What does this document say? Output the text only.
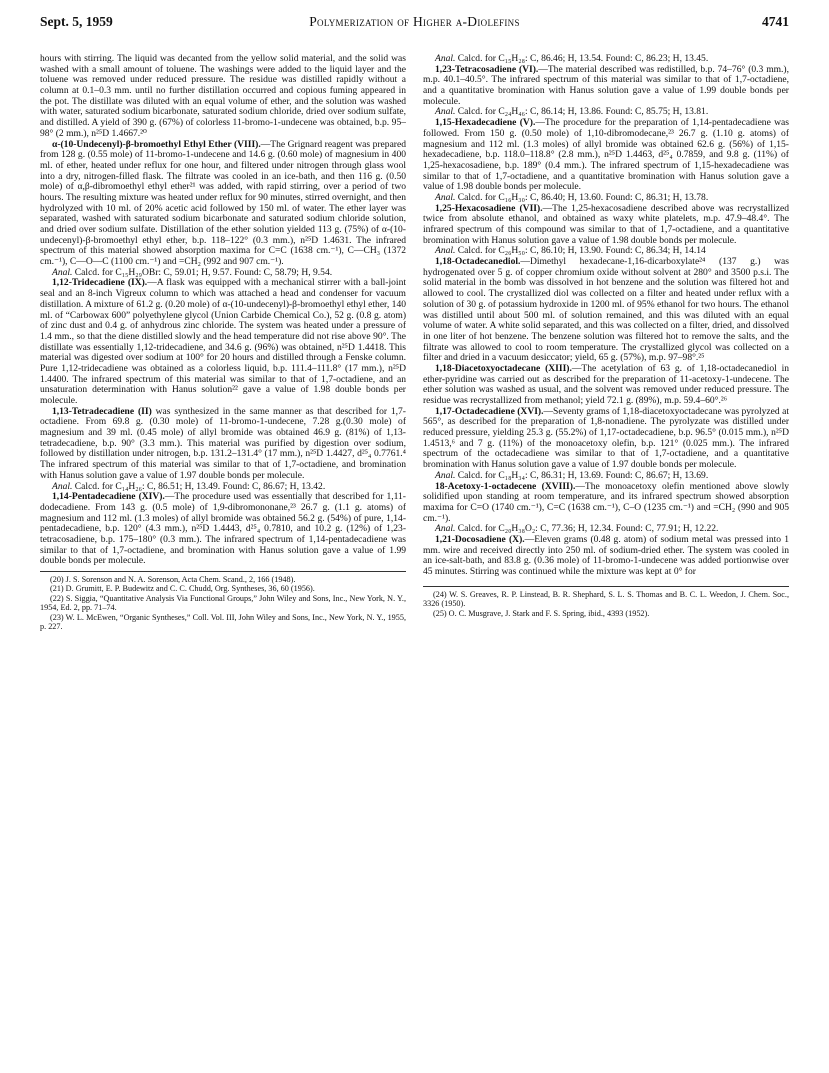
Sept. 5, 1959	Polymerization of Higher α-Diolefins	4741

hours with stirring. The liquid was decanted from the yellow solid material, and the solid was washed with a small amount of toluene. The washings were added to the liquid layer and the toluene was removed under reduced pressure. The residue was distilled rapidly without a column at 0.1–0.3 mm. until no further distillation occurred and copious fuming appeared in the pot. The distillate was diluted with an equal volume of ether, and the solution was washed with water, saturated sodium bicarbonate, saturated sodium chloride, dried over sodium sulfate, and distilled. A yield of 390 g. (67%) of colorless 11-bromo-1-undecene was obtained, b.p. 95–98° (2 mm.), n²⁵D 1.4667.²⁰

α-(10-Undecenyl)-β-bromoethyl Ethyl Ether (VIII).—The Grignard reagent was prepared from 128 g. (0.55 mole) of 11-bromo-1-undecene and 14.6 g. (0.60 mole) of magnesium in 400 ml. of ether, heated under reflux for one hour, and filtered under nitrogen through glass wool into a dry, nitrogen-filled flask. The filtrate was cooled in an ice-bath, and then 116 g. (0.50 mole) of α,β-dibromoethyl ethyl ether²¹ was added, with rapid stirring, over a period of two hours. The resulting mixture was heated under reflux for 90 minutes, stirred overnight, and then hydrolyzed with 10 ml. of 20% acetic acid followed by 150 ml. of water. The ether layer was separated, washed with saturated sodium bicarbonate and saturated sodium chloride solution, and dried over sodium sulfate. Distillation of the ether solution yielded 113 g. (75%) of α-(10-undecenyl)-β-bromoethyl ethyl ether, b.p. 118–122° (0.3 mm.), n²⁵D 1.4631. The infrared spectrum of this material showed absorption maxima for C=C (1638 cm.⁻¹), C—CH₃ (1372 cm.⁻¹), C—O—C (1100 cm.⁻¹) and =CH₂ (992 and 907 cm.⁻¹).

Anal. Calcd. for C₁₅H₂₉OBr: C, 59.01; H, 9.57. Found: C, 58.79; H, 9.54.

1,12-Tridecadiene (IX).—A flask was equipped with a mechanical stirrer with a ball-joint seal and an 8-inch Vigreux column to which was attached a head and condenser for vacuum distillation. A mixture of 61.2 g. (0.20 mole) of α-(10-undecenyl)-β-bromoethyl ethyl ether, 140 ml. of “Carbowax 600” polyethylene glycol (Union Carbide Chemical Co.), 52 g. (0.8 g. atom) of zinc dust and 0.4 g. of anhydrous zinc chloride. The system was heated under a pressure of 1.4 mm., so that the diene distilled slowly and the head temperature did not rise above 90°. The distillate was essentially 1,12-tridecadiene, and 34.6 g. (96%) was obtained, n²⁵D 1.4418. This material was digested over sodium at 100° for 20 hours and distilled through a Fenske column. Pure 1,12-tridecadiene was obtained as a colorless liquid, b.p. 111.4–111.8° (17 mm.), n²⁵D 1.4400. The infrared spectrum of this material was similar to that of 1,7-octadiene, and an unsaturation determination with Hanus solution²² gave a value of 1.98 double bonds per molecule.

1,13-Tetradecadiene (II) was synthesized in the same manner as that described for 1,7-octadiene. From 69.8 g. (0.30 mole) of 11-bromo-1-undecene, 7.28 g.(0.30 mole) of magnesium and 39 ml. (0.45 mole) of allyl bromide was obtained 46.9 g. (81%) of 1,13-tetradecadiene, b.p. 90° (3.3 mm.). This material was purified by digestion over sodium, followed by distillation under nitrogen, b.p. 131.2–131.4° (17 mm.), n²⁵D 1.4427, d²⁵₄ 0.7761.⁴ The infrared spectrum of this material was similar to that of 1,7-octadiene, and bromination with Hanus solution gave a value of 1.97 double bonds per molecule.

Anal. Calcd. for C₁₄H₂₆: C, 86.51; H, 13.49. Found: C, 86.67; H, 13.42.

1,14-Pentadecadiene (XIV).—The procedure used was essentially that described for 1,11-dodecadiene. From 143 g. (0.5 mole) of 1,9-dibromononane,²³ 26.7 g. (1.1 g. atoms) of magnesium and 112 ml. (1.3 moles) of allyl bromide was obtained 56.2 g. (54%) of pure, 1,14-pentadecadiene, b.p. 120° (4.3 mm.), n²⁵D 1.4443, d²⁵₄ 0.7810, and 10.2 g. (12%) of 1,23-tetracosadiene, b.p. 175–180° (0.3 mm.). The infrared spectrum of 1,14-pentadecadiene was similar to that of 1,7-octadiene, and bromination with Hanus solution gave a value of 1.99 double bonds per molecule.

(20) J. S. Sorenson and N. A. Sorenson, Acta Chem. Scand., 2, 166 (1948).
(21) D. Grumitt, E. P. Budewitz and C. C. Chudd, Org. Syntheses, 36, 60 (1956).
(22) S. Siggia, “Quantitative Analysis Via Functional Groups,” John Wiley and Sons, Inc., New York, N. Y., 1954, Ed. 2, pp. 71–74.
(23) W. L. McEwen, “Organic Syntheses,” Coll. Vol. III, John Wiley and Sons, Inc., New York, N. Y., 1955, p. 227.

Anal. Calcd. for C₁₅H₂₈: C, 86.46; H, 13.54. Found: C, 86.23; H, 13.45.

1,23-Tetracosadiene (VI).—The material described was redistilled, b.p. 74–76° (0.3 mm.), m.p. 40.1–40.5°. The infrared spectrum of this material was similar to that of 1,7-octadiene, and a quantitative bromination with Hanus solution gave a value of 1.99 double bonds per molecule.

Anal. Calcd. for C₂₄H₄₆: C, 86.14; H, 13.86. Found: C, 85.75; H, 13.81.

1,15-Hexadecadiene (V).—The procedure for the preparation of 1,14-pentadecadiene was followed. From 150 g. (0.50 mole) of 1,10-dibromodecane,²³ 26.7 g. (1.10 g. atoms) of magnesium and 112 ml. (1.3 moles) of allyl bromide was obtained 62.6 g. (56%) of 1,15-hexadecadiene, b.p. 118.0–118.8° (2.8 mm.), n²⁵D 1.4463, d²⁵₄ 0.7859, and 9.8 g. (11%) of 1,25-hexacosadiene, b.p. 189° (0.4 mm.). The infrared spectrum of 1,15-hexadecadiene was similar to that of 1,7-octadiene, and a quantitative bromination with Hanus solution gave a value of 1.98 double bonds per molecule.

Anal. Calcd. for C₁₆H₃₀: C, 86.40; H, 13.60. Found: C, 86.31; H, 13.78.

1,25-Hexacosadiene (VII).—The 1,25-hexacosadiene described above was recrystallized twice from absolute ethanol, and obtained as waxy white platelets, m.p. 47.9–48.4°. The infrared spectrum of this compound was similar to that of 1,7-octadiene, and a quantitative bromination with Hanus solution gave a value of 1.98 double bonds per molecule.

Anal. Calcd. for C₂₆H₅₀: C, 86.10; H, 13.90. Found: C, 86.34; H, 14.14

1,18-Octadecanediol.—Dimethyl hexadecane-1,16-dicarboxylate²⁴ (137 g.) was hydrogenated over 5 g. of copper chromium oxide without solvent at 280° and 3500 p.s.i. The solid material in the bomb was dissolved in hot benzene and the solution was filtered hot and allowed to cool. The crystallized diol was collected on a filter and heated under reflux with a solution of 30 g. of potassium hydroxide in 1200 ml. of 95% ethanol for two hours. The ethanol was distilled until about 500 ml. of solution remained, and this was diluted with an equal volume of water. A white solid separated, and this was collected on a filter, dried, and dissolved in one liter of hot benzene. The benzene solution was filtered hot to remove the salts, and the filtrate was allowed to cool to room temperature. The crystallized glycol was collected on a filter and dried in a vacuum desiccator; yield, 65 g. (57%), m.p. 97–98°.²⁵

1,18-Diacetoxyoctadecane (XIII).—The acetylation of 63 g. of 1,18-octadecanediol in ether-pyridine was carried out as described for the preparation of 11-acetoxy-1-undecene. The ether solution was washed as usual, and the solvent was removed under reduced pressure. The residue was recrystallized from methanol; yield 72.1 g. (89%), m.p. 59.4–60°.²⁶

1,17-Octadecadiene (XVI).—Seventy grams of 1,18-diacetoxyoctadecane was pyrolyzed at 565°, as described for the preparation of 1,8-nonadiene. The pyrolyzate was distilled under reduced pressure, yielding 25.3 g. (55.2%) of 1,17-octadecadiene, b.p. 96.5° (0.015 mm.), n²⁵D 1.4513,⁶ and 7 g. (11%) of the monoacetoxy olefin, b.p. 121° (0.025 mm.). The infrared spectrum of the octadecadiene was similar to that of 1,7-octadiene, and a quantitative bromination with Hanus solution gave a value of 1.97 double bonds per molecule.

Anal. Calcd. for C₁₈H₃₄: C, 86.31; H, 13.69. Found: C, 86.67; H, 13.69.

18-Acetoxy-1-octadecene (XVIII).—The monoacetoxy olefin mentioned above slowly solidified upon standing at room temperature, and its infrared spectrum showed absorption maxima for C=O (1740 cm.⁻¹), C=C (1638 cm.⁻¹), C–O (1235 cm.⁻¹) and =CH₂ (990 and 905 cm.⁻¹).

Anal. Calcd. for C₂₀H₃₈O₂: C, 77.36; H, 12.34. Found: C, 77.91; H, 12.22.

1,21-Docosadiene (X).—Eleven grams (0.48 g. atom) of sodium metal was pressed into 1 mm. wire and received directly into 250 ml. of sodium-dried ether. The system was cooled in an ice-salt-bath, and 83.8 g. (0.36 mole) of 11-bromo-1-undecene was added portionwise over 45 minutes. Stirring was continued while the mixture was kept at 0° for

(24) W. S. Greaves, R. P. Linstead, B. R. Shephard, S. L. S. Thomas and B. C. L. Weedon, J. Chem. Soc., 3326 (1950).
(25) O. C. Musgrave, J. Stark and F. S. Spring, ibid., 4393 (1952).
